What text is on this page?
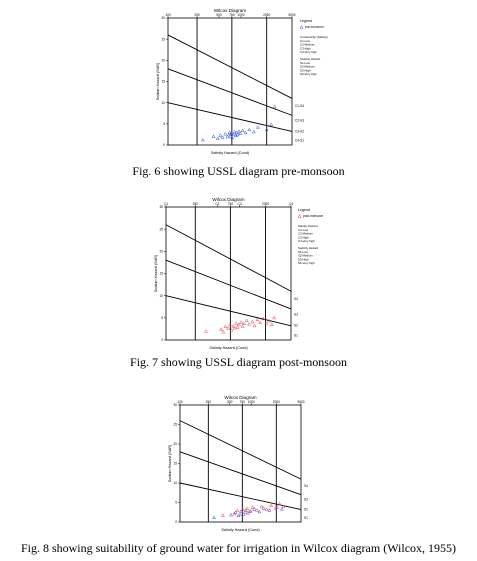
Wilcox Diagram
100	250	500 750 1000	2250	5000
0
5
10
15
20
25
30
C1-S4
C2-S3
C3-S2
C4-S1
Salinity Hazard (Cond)
Sodium Hazard (SAR)
Legend
pre-monsoon
Conductivity (Salinity)
C1-Low
C2-Medium
C3-High
C4-Very high
Sodicity Hazard
S1-Low
S2-Medium
S3-High
S4-Very high
Fig. 6 showing USSL diagram pre-monsoon
Wilcox Diagram
C1	250	C2	750 C3	2250	C4
0
5
10
15
20
25
30
S4
S3
S2
S1
Salinity Hazard (Cond)
Sodium Hazard (SAR)
Legend
post-monsoon
Salinity Hazard
C1-Low
C2-Medium
C3-High
C4-Very high
Sodicity Hazard
S1-Low
S2-Medium
S3-High
S4-Very high
Fig. 7 showing USSL diagram post-monsoon
Wilcox Diagram
100	250	500 750 1000	2250	5000
0
5
10
15
20
25
30
S4
S3
S2
S1
Salinity Hazard (Cond)
Sodium Hazard (SAR)
Fig. 8 showing suitability of ground water for irrigation in Wilcox diagram (Wilcox, 1955)
